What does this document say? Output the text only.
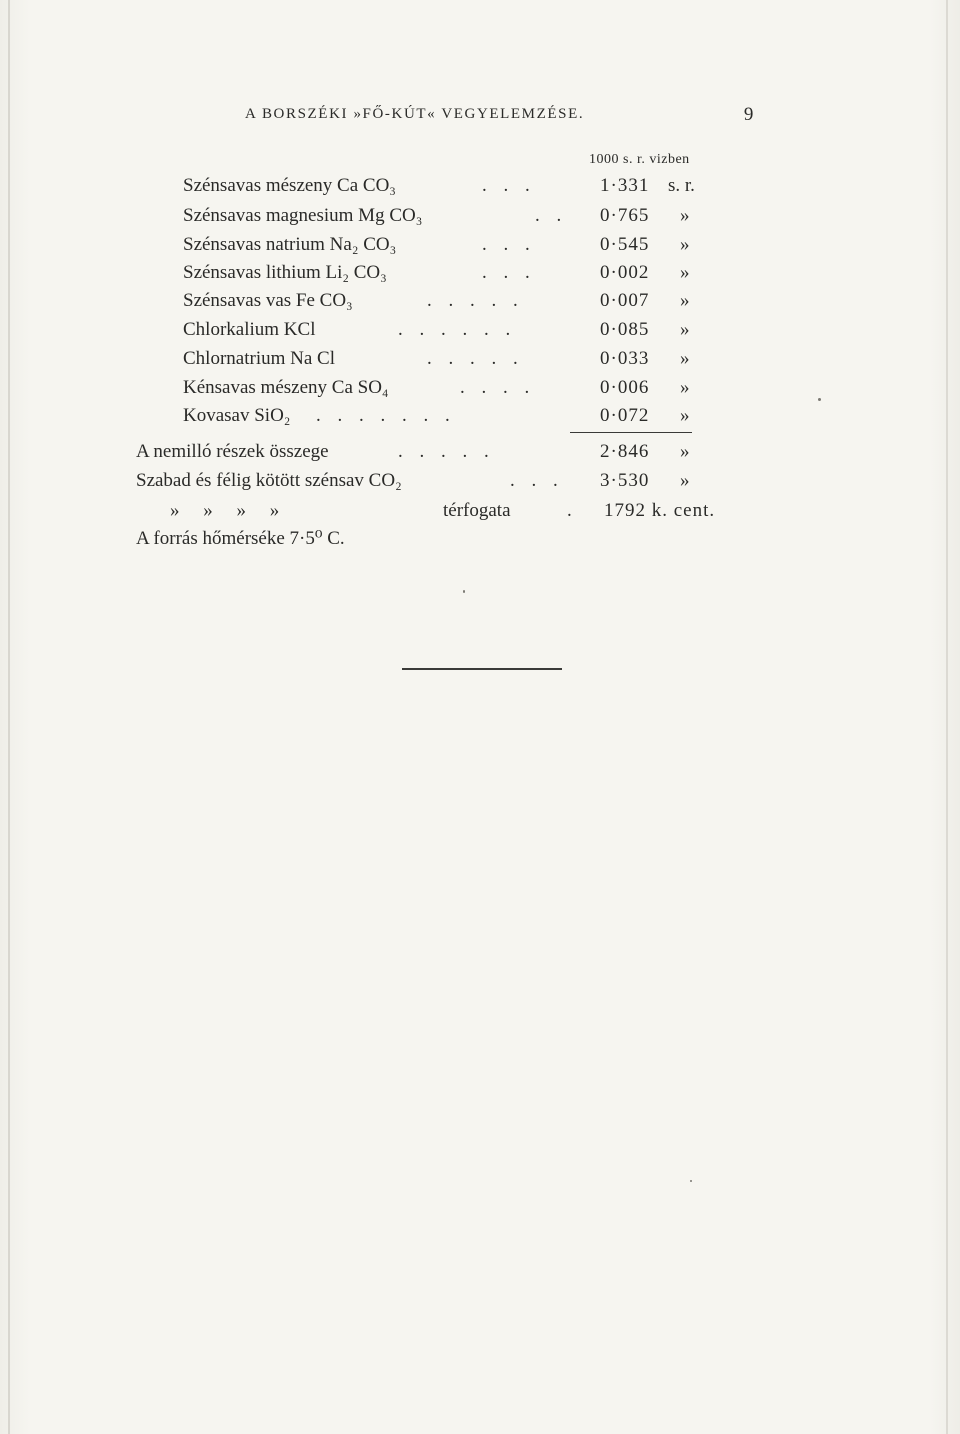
A BORSZÉKI »FŐ-KÚT« VEGYELEMZÉSE.	9
1000 s. r. vizben
Szénsavas mészeny Ca CO₃	. . .	1·331 s. r.
Szénsavas magnesium Mg CO₃	. . 0·765 »
Szénsavas natrium Na₂ CO₃	. . .	0·545 »
Szénsavas lithium Li₂ CO₃	. . .	0·002 »
Szénsavas vas Fe CO₃	. . . . .	0·007 »
Chlorkalium KCl	. . . . . .	0·085 »
Chlornatrium Na Cl	. . . . .	0·033 »
Kénsavas mészeny Ca SO₄	. . . .	0·006 »
Kovasav SiO₂ . . . . . . .	0·072 »
A nemilló részek összege	. . . . .	2·846 »
Szabad és félig kötött szénsav CO₂	. . . 3·530 »
»     »     »     »	térfogata	. 1792 k. cent.
A forrás hőmérséke 7·5⁰ C.
